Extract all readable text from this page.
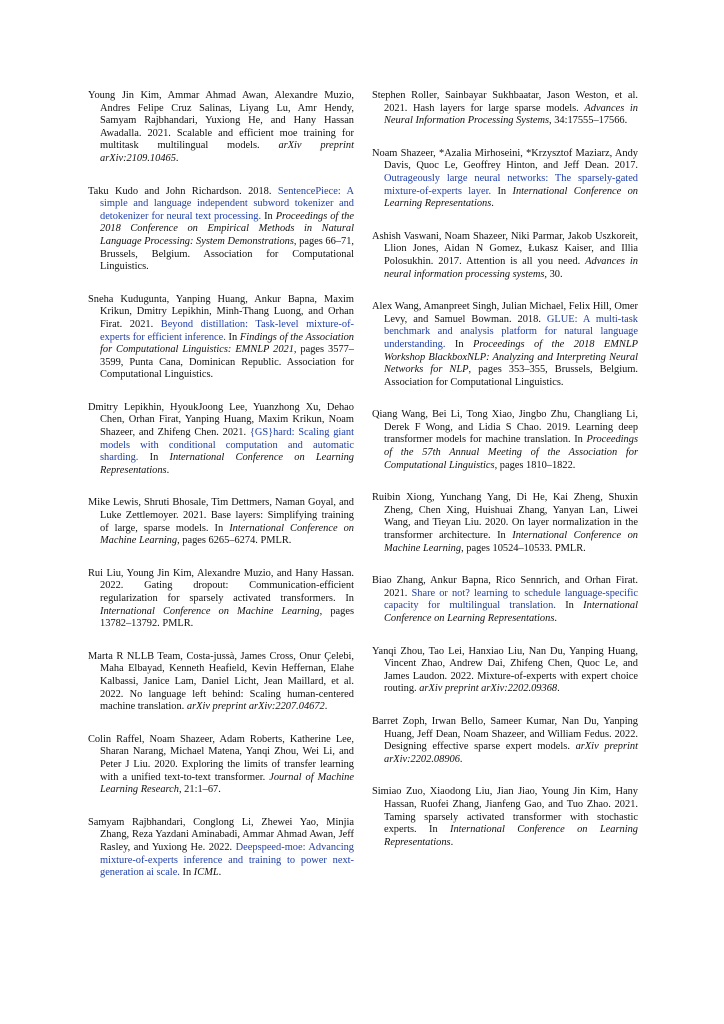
Young Jin Kim, Ammar Ahmad Awan, Alexandre Muzio, Andres Felipe Cruz Salinas, Liyang Lu, Amr Hendy, Samyam Rajbhandari, Yuxiong He, and Hany Hassan Awadalla. 2021. Scalable and efficient moe training for multitask multilingual models. arXiv preprint arXiv:2109.10465.

Taku Kudo and John Richardson. 2018. SentencePiece: A simple and language independent subword tokenizer and detokenizer for neural text processing. In Proceedings of the 2018 Conference on Empirical Methods in Natural Language Processing: System Demonstrations, pages 66–71, Brussels, Belgium. Association for Computational Linguistics.

Sneha Kudugunta, Yanping Huang, Ankur Bapna, Maxim Krikun, Dmitry Lepikhin, Minh-Thang Luong, and Orhan Firat. 2021. Beyond distillation: Task-level mixture-of-experts for efficient inference. In Findings of the Association for Computational Linguistics: EMNLP 2021, pages 3577–3599, Punta Cana, Dominican Republic. Association for Computational Linguistics.

Dmitry Lepikhin, HyoukJoong Lee, Yuanzhong Xu, Dehao Chen, Orhan Firat, Yanping Huang, Maxim Krikun, Noam Shazeer, and Zhifeng Chen. 2021. {GS}hard: Scaling giant models with conditional computation and automatic sharding. In International Conference on Learning Representations.

Mike Lewis, Shruti Bhosale, Tim Dettmers, Naman Goyal, and Luke Zettlemoyer. 2021. Base layers: Simplifying training of large, sparse models. In International Conference on Machine Learning, pages 6265–6274. PMLR.

Rui Liu, Young Jin Kim, Alexandre Muzio, and Hany Hassan. 2022. Gating dropout: Communication-efficient regularization for sparsely activated transformers. In International Conference on Machine Learning, pages 13782–13792. PMLR.

Marta R NLLB Team, Costa-jussà, James Cross, Onur Çelebi, Maha Elbayad, Kenneth Heafield, Kevin Heffernan, Elahe Kalbassi, Janice Lam, Daniel Licht, Jean Maillard, et al. 2022. No language left behind: Scaling human-centered machine translation. arXiv preprint arXiv:2207.04672.

Colin Raffel, Noam Shazeer, Adam Roberts, Katherine Lee, Sharan Narang, Michael Matena, Yanqi Zhou, Wei Li, and Peter J Liu. 2020. Exploring the limits of transfer learning with a unified text-to-text transformer. Journal of Machine Learning Research, 21:1–67.

Samyam Rajbhandari, Conglong Li, Zhewei Yao, Minjia Zhang, Reza Yazdani Aminabadi, Ammar Ahmad Awan, Jeff Rasley, and Yuxiong He. 2022. Deepspeed-moe: Advancing mixture-of-experts inference and training to power next-generation ai scale. In ICML.

Stephen Roller, Sainbayar Sukhbaatar, Jason Weston, et al. 2021. Hash layers for large sparse models. Advances in Neural Information Processing Systems, 34:17555–17566.

Noam Shazeer, *Azalia Mirhoseini, *Krzysztof Maziarz, Andy Davis, Quoc Le, Geoffrey Hinton, and Jeff Dean. 2017. Outrageously large neural networks: The sparsely-gated mixture-of-experts layer. In International Conference on Learning Representations.

Ashish Vaswani, Noam Shazeer, Niki Parmar, Jakob Uszkoreit, Llion Jones, Aidan N Gomez, Łukasz Kaiser, and Illia Polosukhin. 2017. Attention is all you need. Advances in neural information processing systems, 30.

Alex Wang, Amanpreet Singh, Julian Michael, Felix Hill, Omer Levy, and Samuel Bowman. 2018. GLUE: A multi-task benchmark and analysis platform for natural language understanding. In Proceedings of the 2018 EMNLP Workshop BlackboxNLP: Analyzing and Interpreting Neural Networks for NLP, pages 353–355, Brussels, Belgium. Association for Computational Linguistics.

Qiang Wang, Bei Li, Tong Xiao, Jingbo Zhu, Changliang Li, Derek F Wong, and Lidia S Chao. 2019. Learning deep transformer models for machine translation. In Proceedings of the 57th Annual Meeting of the Association for Computational Linguistics, pages 1810–1822.

Ruibin Xiong, Yunchang Yang, Di He, Kai Zheng, Shuxin Zheng, Chen Xing, Huishuai Zhang, Yanyan Lan, Liwei Wang, and Tieyan Liu. 2020. On layer normalization in the transformer architecture. In International Conference on Machine Learning, pages 10524–10533. PMLR.

Biao Zhang, Ankur Bapna, Rico Sennrich, and Orhan Firat. 2021. Share or not? learning to schedule language-specific capacity for multilingual translation. In International Conference on Learning Representations.

Yanqi Zhou, Tao Lei, Hanxiao Liu, Nan Du, Yanping Huang, Vincent Zhao, Andrew Dai, Zhifeng Chen, Quoc Le, and James Laudon. 2022. Mixture-of-experts with expert choice routing. arXiv preprint arXiv:2202.09368.

Barret Zoph, Irwan Bello, Sameer Kumar, Nan Du, Yanping Huang, Jeff Dean, Noam Shazeer, and William Fedus. 2022. Designing effective sparse expert models. arXiv preprint arXiv:2202.08906.

Simiao Zuo, Xiaodong Liu, Jian Jiao, Young Jin Kim, Hany Hassan, Ruofei Zhang, Jianfeng Gao, and Tuo Zhao. 2021. Taming sparsely activated transformer with stochastic experts. In International Conference on Learning Representations.
